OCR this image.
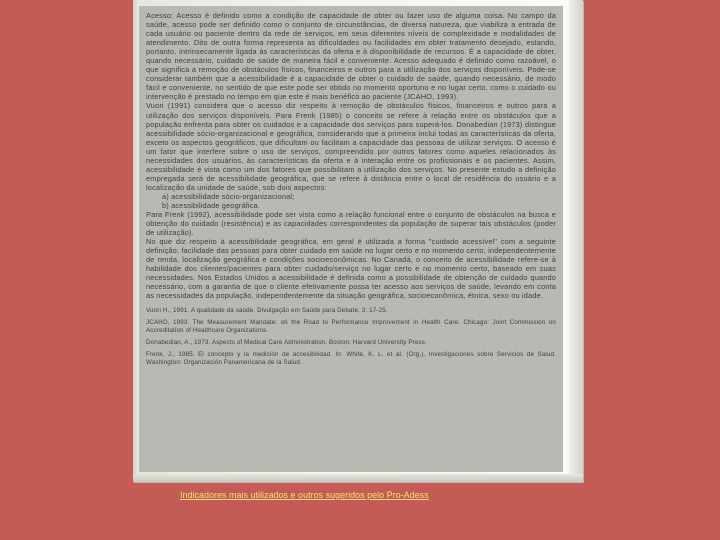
Acesso: Acesso é definido como a condição de capacidade de obter ou fazer uso de alguma coisa. No campo da saúde, acesso pode ser definido como o conjunto de circunstâncias, de diversa natureza, que viabiliza a entrada de cada usuário ou paciente dentro da rede de serviços, em seus diferentes níveis de complexidade e modalidades de atendimento. Dito de outra forma representa as dificuldades ou facilidades em obter tratamento desejado, estando, portanto, intrinsecamente ligada às características da oferta e à disponibilidade de recursos. É a capacidade de obter, quando necessário, cuidado de saúde de maneira fácil e conveniente. Acesso adequado é definido como razoável, o que significa a remoção de obstáculos físicos, financeiros e outros para a utilização dos serviços disponíveis. Pode-se considerar também que a acessibilidade é a capacidade de obter o cuidado de saúde, quando necessário, de modo fácil e conveniente, no sentido de que este pode ser obtido no momento oportuno e no lugar certo, como o cuidado ou intervenção é prestado no tempo em que este é mais benéfico ao paciente (JCAHO, 1993).

Vuori (1991) considera que o acesso diz respeito à remoção de obstáculos físicos, financeiros e outros para a utilização dos serviços disponíveis. Para Frenk (1985) o conceito se refere à relação entre os obstáculos que a população enfrenta para obter os cuidados e a capacidade dos serviços para superá-los. Donabedian (1973) distingue acessibilidade sócio-organizacional e geográfica, considerando que a primeira inclui todas as características da oferta, exceto os aspectos geográficos, que dificultam ou facilitam a capacidade das pessoas de utilizar serviços. O acesso é um fator que interfere sobre o uso de serviços, compreendido por outros fatores como aqueles relacionados às necessidades dos usuários, às características da oferta e à interação entre os profissionais e os pacientes. Assim, acessibilidade é vista como um dos fatores que possibilitam a utilização dos serviços. No presente estudo a definição empregada será de acessibilidade geográfica, que se refere à distância entre o local de residência do usuário e a localização da unidade de saúde, sob dois aspectos:

a) acessibilidade sócio-organizacional;

b) acessibilidade geográfica.

Para Frenk (1992), acessibilidade pode ser vista como a relação funcional entre o conjunto de obstáculos na busca e obtenção do cuidado (resistência) e as capacidades correspondentes da população de superar tais obstáculos (poder de utilização).

No que diz respeito à acessibilidade geográfica, em geral é utilizada a forma "cuidado acessível" com a seguinte definição: facilidade das pessoas para obter cuidado em saúde no lugar certo e no momento certo, independentemente de renda, localização geográfica e condições socioeconômicas. No Canadá, o conceito de acessibilidade refere-se à habilidade dos clientes/pacientes para obter cuidado/serviço no lugar certo e no momento certo, baseado em suas necessidades. Nos Estados Unidos a acessibilidade é definida como a possibilidade de obtenção de cuidado quando necessário, com a garantia de que o cliente efetivamente possa ter acesso aos serviços de saúde, levando em conta as necessidades da população, independentemente da situação geográfica, socioeconômica, étnica, sexo ou idade.

Vuori H., 1991. A qualidade da saúde. Divulgação em Saúde para Debate, 3: 17-25.

JCAHO, 1993. The Measurement Mandate: on the Road to Performance Improvement in Health Care. Chicago: Joint Commission on Accreditation of Healthcare Organizations.

Donabedian, A., 1973. Aspects of Medical Care Administration. Boston: Harvard University Press.

Frenk, J., 1985. El concepto y la medición de accesibilidad. In: White, K. L. et al. (Org.), Investigaciones sobre Servicios de Salud. Washington: Organización Panamericana de la Salud.

Indicadores mais utilizados e outros sugeridos pelo Pro-Adess
